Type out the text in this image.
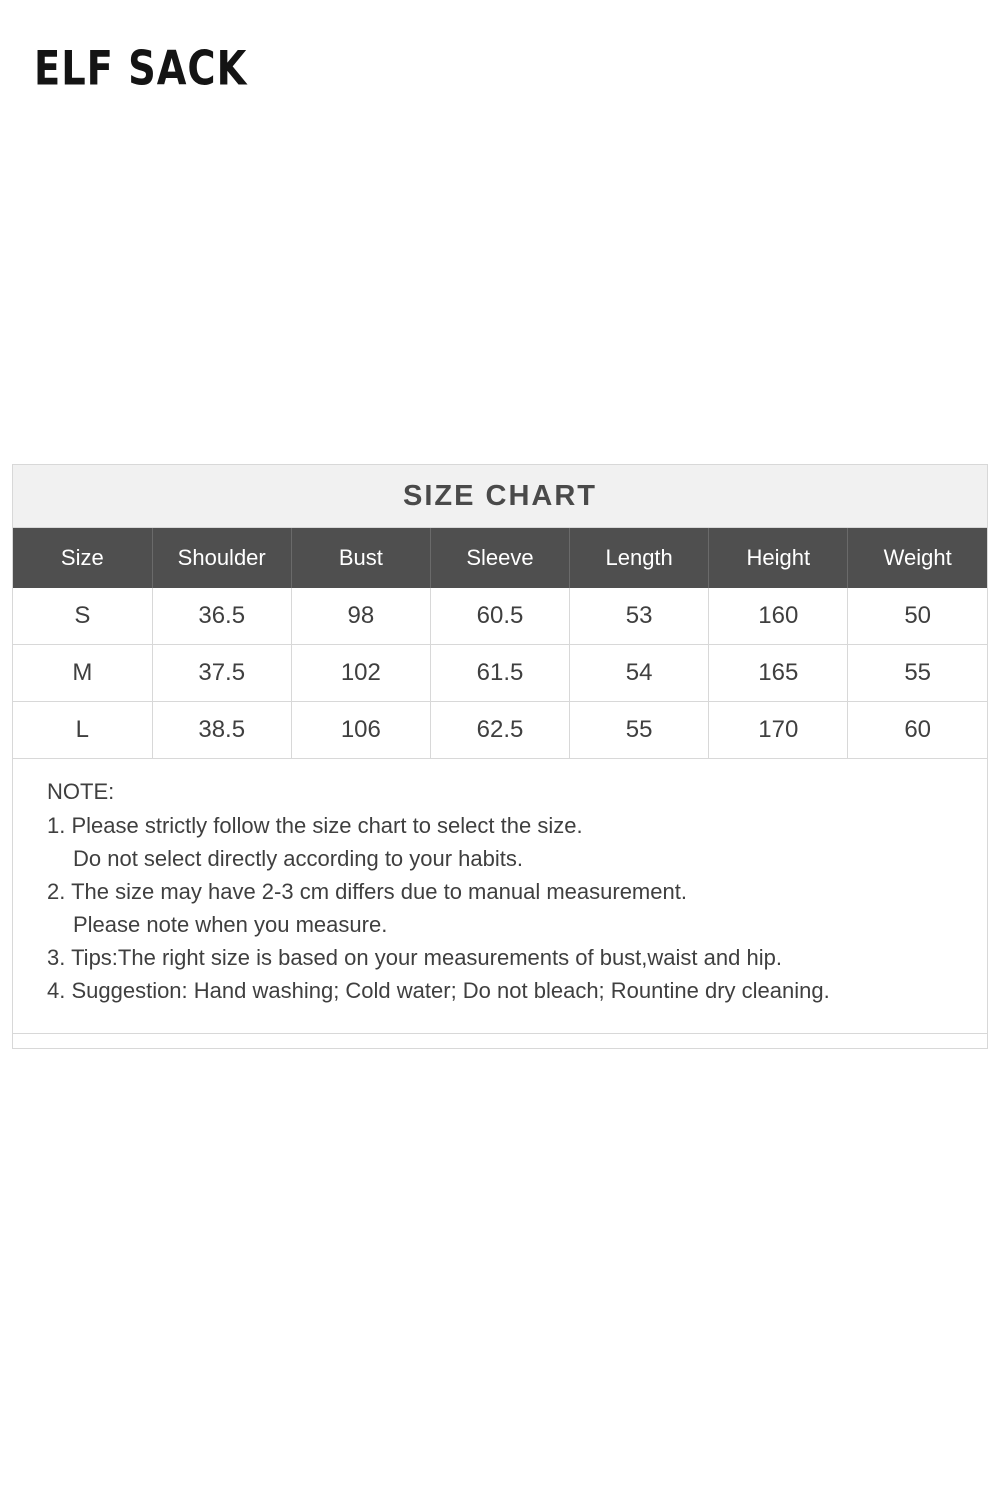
ELF SACK
SIZE CHART
Size	Shoulder	Bust	Sleeve	Length	Height	Weight
S	36.5	98	60.5	53	160	50
M	37.5	102	61.5	54	165	55
L	38.5	106	62.5	55	170	60
NOTE:
1. Please strictly follow the size chart to select the size.
Do not select directly according to your habits.
2. The size may have 2-3 cm differs due to manual measurement.
Please note when you measure.
3. Tips:The right size is based on your measurements of bust,waist and hip.
4. Suggestion: Hand washing; Cold water; Do not bleach; Rountine dry cleaning.
